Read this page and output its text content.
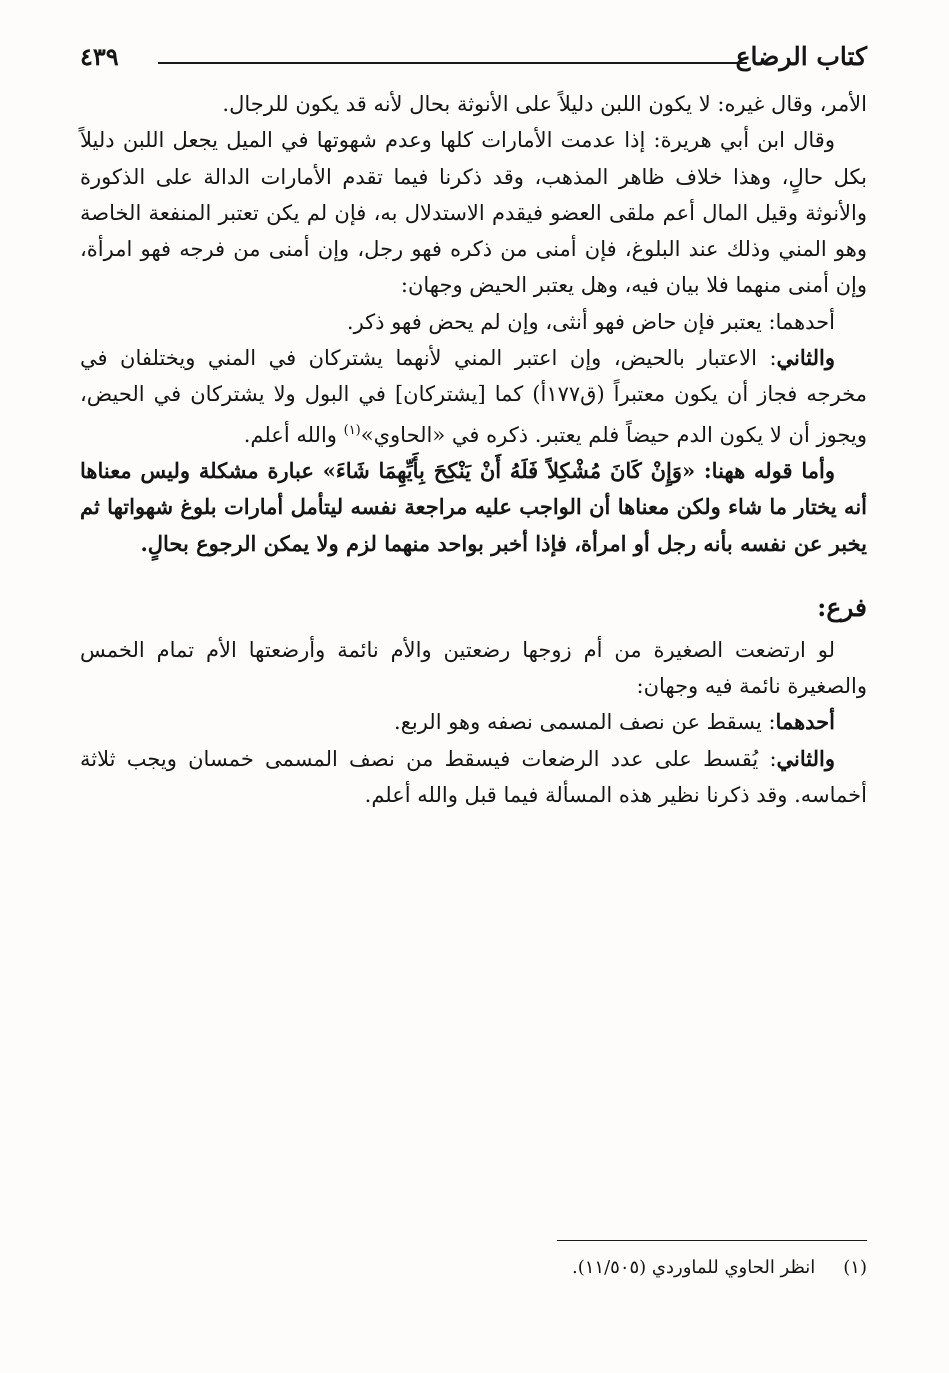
كتاب الرضاع
٤٣٩

الأمر، وقال غيره: لا يكون اللبن دليلاً على الأنوثة بحال لأنه قد يكون للرجال.

وقال ابن أبي هريرة: إذا عدمت الأمارات كلها وعدم شهوتها في الميل يجعل اللبن دليلاً بكل حالٍ، وهذا خلاف ظاهر المذهب، وقد ذكرنا فيما تقدم الأمارات الدالة على الذكورة والأنوثة وقيل المال أعم ملقى العضو فيقدم الاستدلال به، فإن لم يكن تعتبر المنفعة الخاصة وهو المني وذلك عند البلوغ، فإن أمنى من ذكره فهو رجل، وإن أمنى من فرجه فهو امرأة، وإن أمنى منهما فلا بيان فيه، وهل يعتبر الحيض وجهان:

أحدهما: يعتبر فإن حاض فهو أنثى، وإن لم يحض فهو ذكر.

والثاني: الاعتبار بالحيض، وإن اعتبر المني لأنهما يشتركان في المني ويختلفان في مخرجه فجاز أن يكون معتبراً (ق١٧٧أ) كما [يشتركان] في البول ولا يشتركان في الحيض، ويجوز أن لا يكون الدم حيضاً فلم يعتبر. ذكره في «الحاوي»$^{(١)}$ والله أعلم.

وأما قوله ههنا: «وَإِنْ كَانَ مُشْكِلاً فَلَهُ أَنْ يَنْكِحَ بِأَيِّهِمَا شَاءَ» عبارة مشكلة وليس معناها أنه يختار ما شاء ولكن معناها أن الواجب عليه مراجعة نفسه ليتأمل أمارات بلوغ شهواتها ثم يخبر عن نفسه بأنه رجل أو امرأة، فإذا أخبر بواحد منهما لزم ولا يمكن الرجوع بحالٍ.

فرع:

لو ارتضعت الصغيرة من أم زوجها رضعتين والأم نائمة وأرضعتها الأم تمام الخمس والصغيرة نائمة فيه وجهان:

أحدهما: يسقط عن نصف المسمى نصفه وهو الربع.

والثاني: يُقسط على عدد الرضعات فيسقط من نصف المسمى خمسان ويجب ثلاثة أخماسه. وقد ذكرنا نظير هذه المسألة فيما قبل والله أعلم.

(١)انظر الحاوي للماوردي (١١/٥٠٥).
